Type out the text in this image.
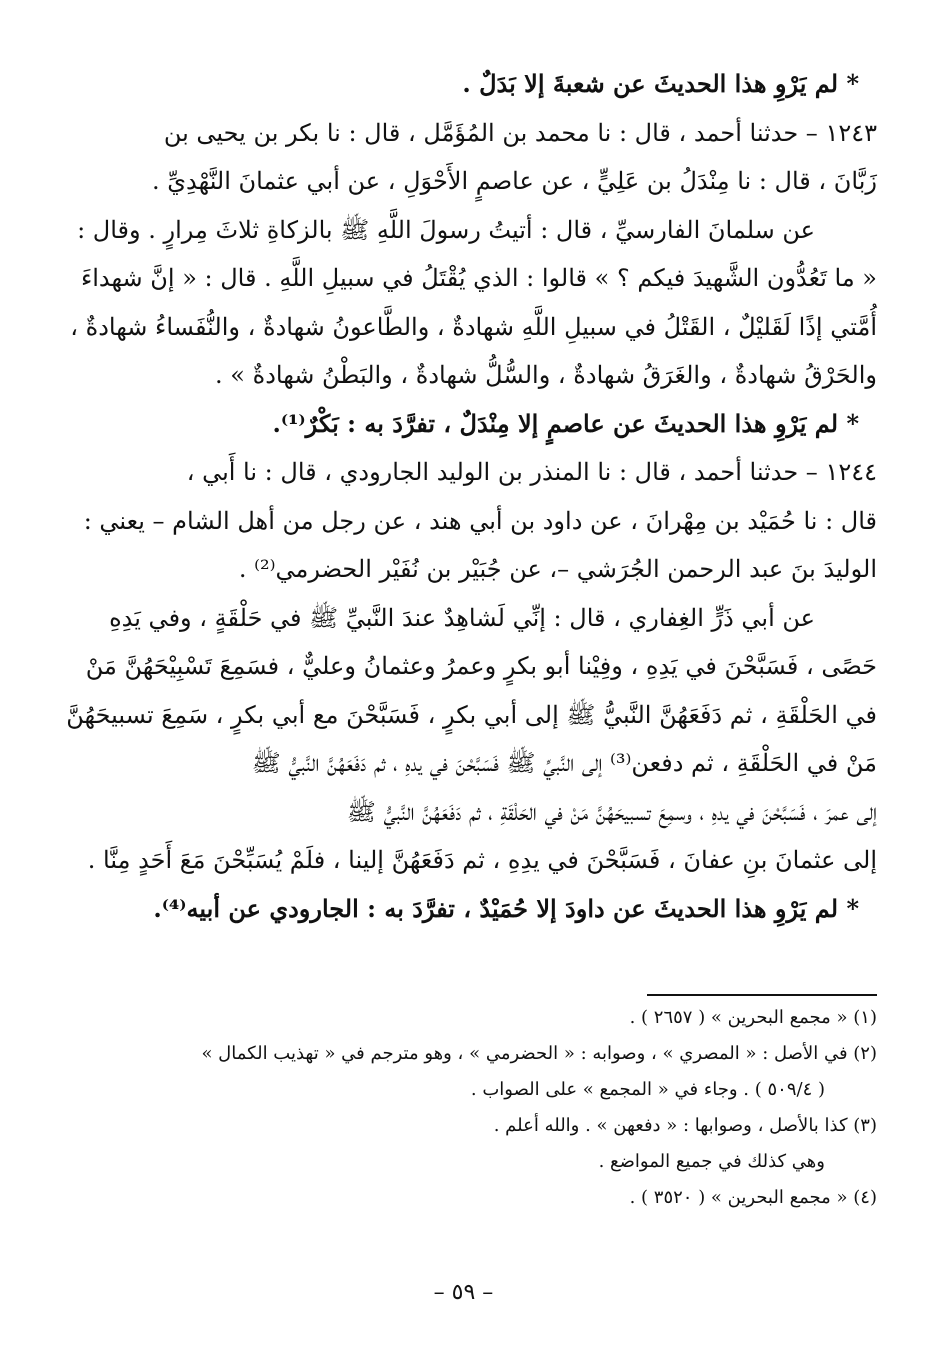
* لم يَرْوِ هذا الحديثَ عن شعبةَ إلا بَدَلٌ .

١٢٤٣ – حدثنا أحمد ، قال : نا محمد بن المُؤَمَّل ، قال : نا بكر بن يحيى بن

زَبَّانَ ، قال : نا مِنْدَلُ بن عَلِيٍّ ، عن عاصمٍ الأَحْوَلِ ، عن أبي عثمانَ النَّهْدِيِّ .

عن سلمانَ الفارسيِّ ، قال : أتيتُ رسولَ اللَّهِ ﷺ بالزكاةِ ثلاثَ مِرارٍ . وقال :

« ما تَعُدُّون الشَّهيدَ فيكم ؟ » قالوا : الذي يُقْتَلُ في سبيلِ اللَّهِ . قال : « إنَّ شهداءَ

أُمَّتي إذًا لَقَليْلٌ ، القَتْلُ في سبيلِ اللَّهِ شهادةٌ ، والطَّاعونُ شهادةٌ ، والنُّفَساءُ شهادةٌ ،

والحَرْقُ شهادةٌ ، والغَرَقُ شهادةٌ ، والسُّلُّ شهادةٌ ، والبَطْنُ شهادةٌ » .

* لم يَرْوِ هذا الحديثَ عن عاصمٍ إلا مِنْدَلٌ ، تفرَّدَ به : بَكْرٌ⁽¹⁾.

١٢٤٤ – حدثنا أحمد ، قال : نا المنذر بن الوليد الجارودي ، قال : نا أَبي ،

قال : نا حُمَيْد بن مِهْرانَ ، عن داود بن أبي هند ، عن رجل من أهل الشام – يعني :

الوليدَ بنَ عبد الرحمن الجُرَشي –، عن جُبَيْر بن نُفَيْر الحضرمي⁽²⁾ .

عن أبي ذَرٍّ الغِفاري ، قال : إنِّي لَشاهِدٌ عندَ النَّبيِّ ﷺ في حَلْقَةٍ ، وفي يَدِهِ

حَصًى ، فَسَبَّحْنَ في يَدِهِ ، وفِيْنا أبو بكرٍ وعمرُ وعثمانُ وعليٌّ ، فسَمِعَ تَسْبِيْحَهُنَّ مَنْ

في الحَلْقَةِ ، ثم دَفَعَهُنَّ النَّبيُّ ﷺ إلى أبي بكرٍ ، فَسَبَّحْنَ مع أبي بكرٍ ، سَمِعَ تسبيحَهُنَّ

مَنْ في الحَلْقَةِ ، ثم دفعن⁽³⁾ إلى النَّبيِّ ﷺ فَسَبَّحْنَ في يدهِ ، ثم دَفَعَهُنَّ النَّبيُّ ﷺ

إلى عمرَ ، فَسَبَّحْنَ في يدهِ ، وسمِعَ تسبيحَهُنَّ مَنْ في الحَلْقَةِ ، ثم دَفَعَهُنَّ النَّبيُّ ﷺ

إلى عثمانَ بنِ عفانَ ، فَسَبَّحْنَ في يدِهِ ، ثم دَفَعَهُنَّ إلينا ، فلَمْ يُسَبِّحْنَ مَعَ أَحَدٍ مِنَّا .

* لم يَرْوِ هذا الحديثَ عن داودَ إلا حُمَيْدٌ ، تفرَّدَ به : الجارودي عن أبيه⁽⁴⁾.

(١) « مجمع البحرين » ( ٢٦٥٧ ) .

(٢) في الأصل : « المصري » ، وصوابه : « الحضرمي » ، وهو مترجم في « تهذيب الكمال »

( ٥٠٩/٤ ) . وجاء في « المجمع » على الصواب .

(٣) كذا بالأصل ، وصوابها : « دفعهن » . والله أعلم .

وهي كذلك في جميع المواضع .

(٤) « مجمع البحرين » ( ٣٥٢٠ ) .

– ٥٩ –
